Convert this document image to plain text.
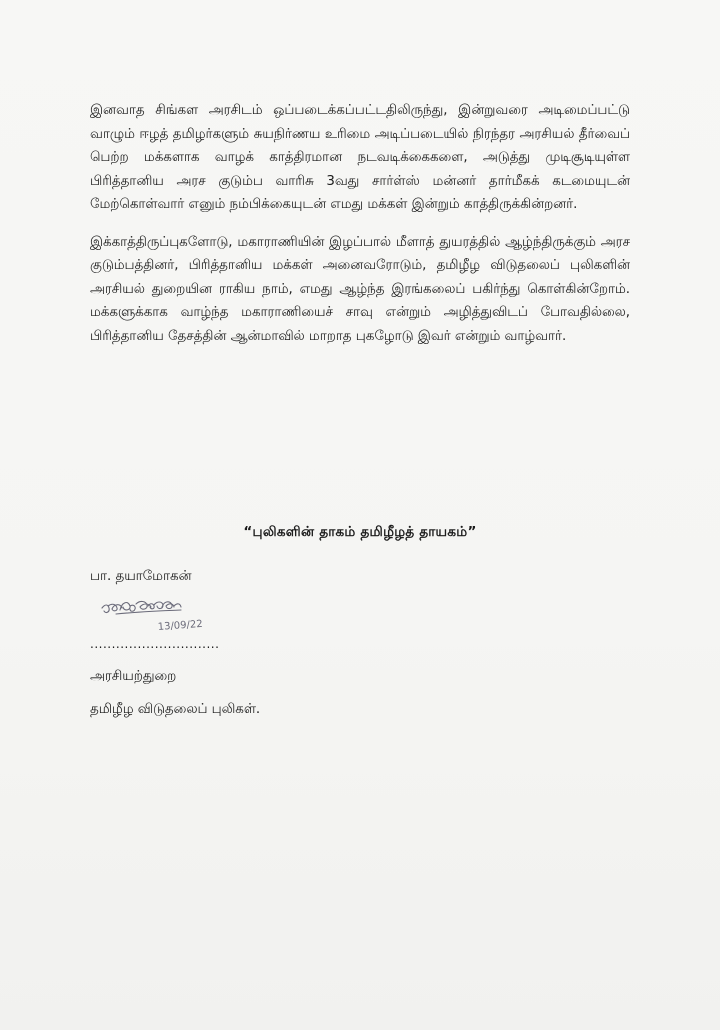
இனவாத சிங்கள அரசிடம் ஒப்படைக்கப்பட்டதிலிருந்து, இன்றுவரை அடிமைப்பட்டு வாழும் ஈழத் தமிழர்களும் சுயநிர்ணய உரிமை அடிப்படையில் நிரந்தர அரசியல் தீர்வைப் பெற்ற மக்களாக வாழக் காத்திரமான நடவடிக்கைகளை, அடுத்து முடிசூடியுள்ள பிரித்தானிய அரச குடும்ப வாரிசு 3வது சார்ள்ஸ் மன்னர் தார்மீகக் கடமையுடன் மேற்கொள்வார் எனும் நம்பிக்கையுடன் எமது மக்கள் இன்றும் காத்திருக்கின்றனர்.

இக்காத்திருப்புகளோடு, மகாராணியின் இழப்பால் மீளாத் துயரத்தில் ஆழ்ந்திருக்கும் அரச குடும்பத்தினர், பிரித்தானிய மக்கள் அனைவரோடும், தமிழீழ விடுதலைப் புலிகளின் அரசியல் துறையின ராகிய நாம், எமது ஆழ்ந்த இரங்கலைப் பகிர்ந்து கொள்கின்றோம். மக்களுக்காக வாழ்ந்த மகாராணியைச் சாவு என்றும் அழித்துவிடப் போவதில்லை, பிரித்தானிய தேசத்தின் ஆன்மாவில் மாறாத புகழோடு இவர் என்றும் வாழ்வார்.

“புலிகளின் தாகம் தமிழீழத் தாயகம்”

பா. தயாமோகன்

13/09/22

..............................

அரசியற்துறை

தமிழீழ விடுதலைப் புலிகள்.
